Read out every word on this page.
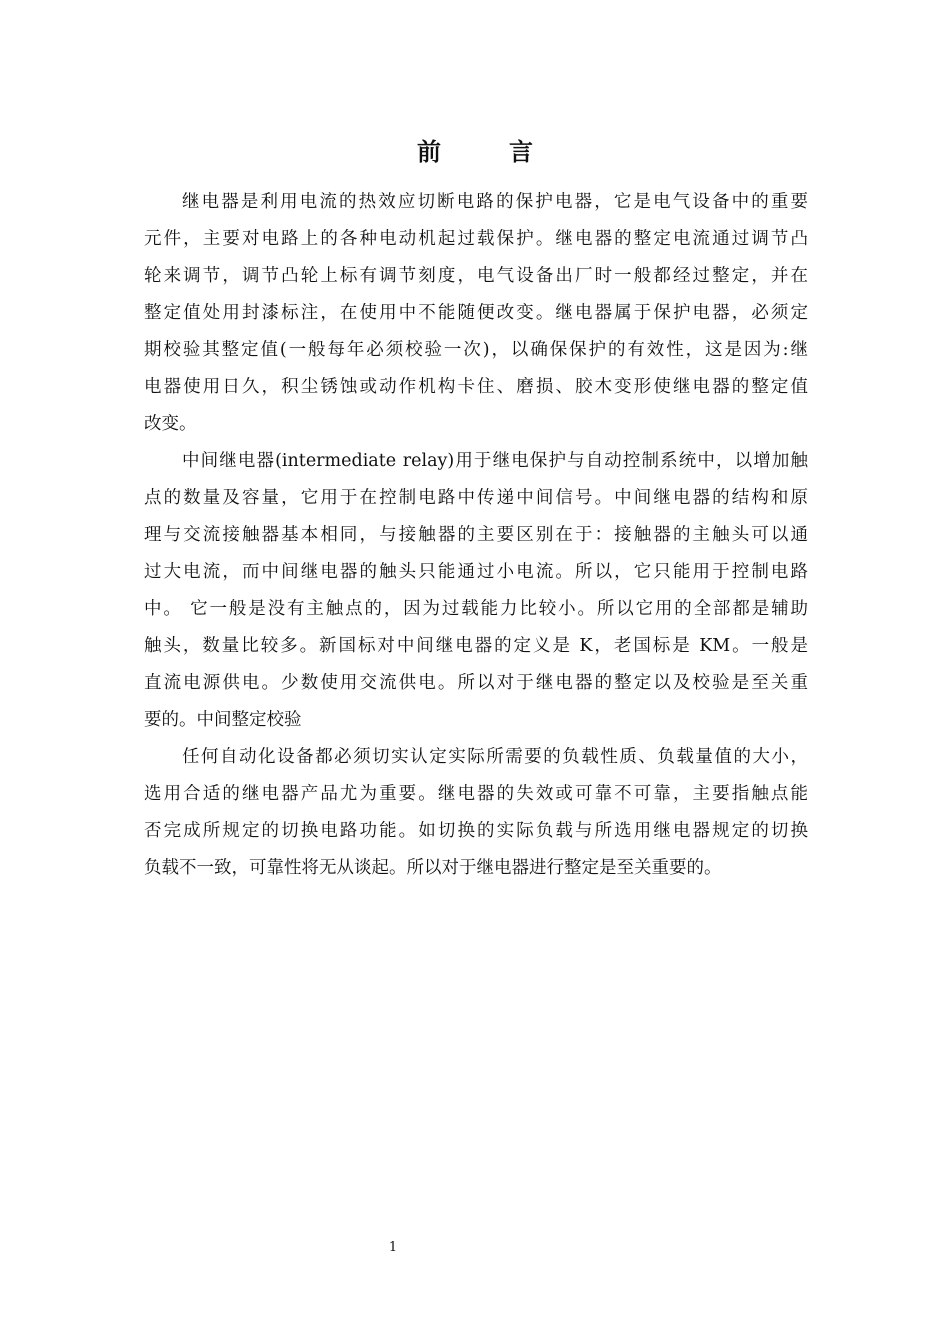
前　言

继电器是利用电流的热效应切断电路的保护电器，它是电气设备中的重要
元件，主要对电路上的各种电动机起过载保护。继电器的整定电流通过调节凸
轮来调节，调节凸轮上标有调节刻度，电气设备出厂时一般都经过整定，并在
整定值处用封漆标注，在使用中不能随便改变。继电器属于保护电器，必须定
期校验其整定值(一般每年必须校验一次)，以确保保护的有效性，这是因为:继
电器使用日久，积尘锈蚀或动作机构卡住、磨损、胶木变形使继电器的整定值
改变。

中间继电器(intermediate relay)用于继电保护与自动控制系统中，以增加触
点的数量及容量，它用于在控制电路中传递中间信号。中间继电器的结构和原
理与交流接触器基本相同，与接触器的主要区别在于：接触器的主触头可以通
过大电流，而中间继电器的触头只能通过小电流。所以，它只能用于控制电路
中。 它一般是没有主触点的，因为过载能力比较小。所以它用的全部都是辅助
触头，数量比较多。新国标对中间继电器的定义是 K，老国标是 KM。一般是
直流电源供电。少数使用交流供电。所以对于继电器的整定以及校验是至关重
要的。中间整定校验

任何自动化设备都必须切实认定实际所需要的负载性质、负载量值的大小，
选用合适的继电器产品尤为重要。继电器的失效或可靠不可靠，主要指触点能
否完成所规定的切换电路功能。如切换的实际负载与所选用继电器规定的切换
负载不一致，可靠性将无从谈起。所以对于继电器进行整定是至关重要的。

1
